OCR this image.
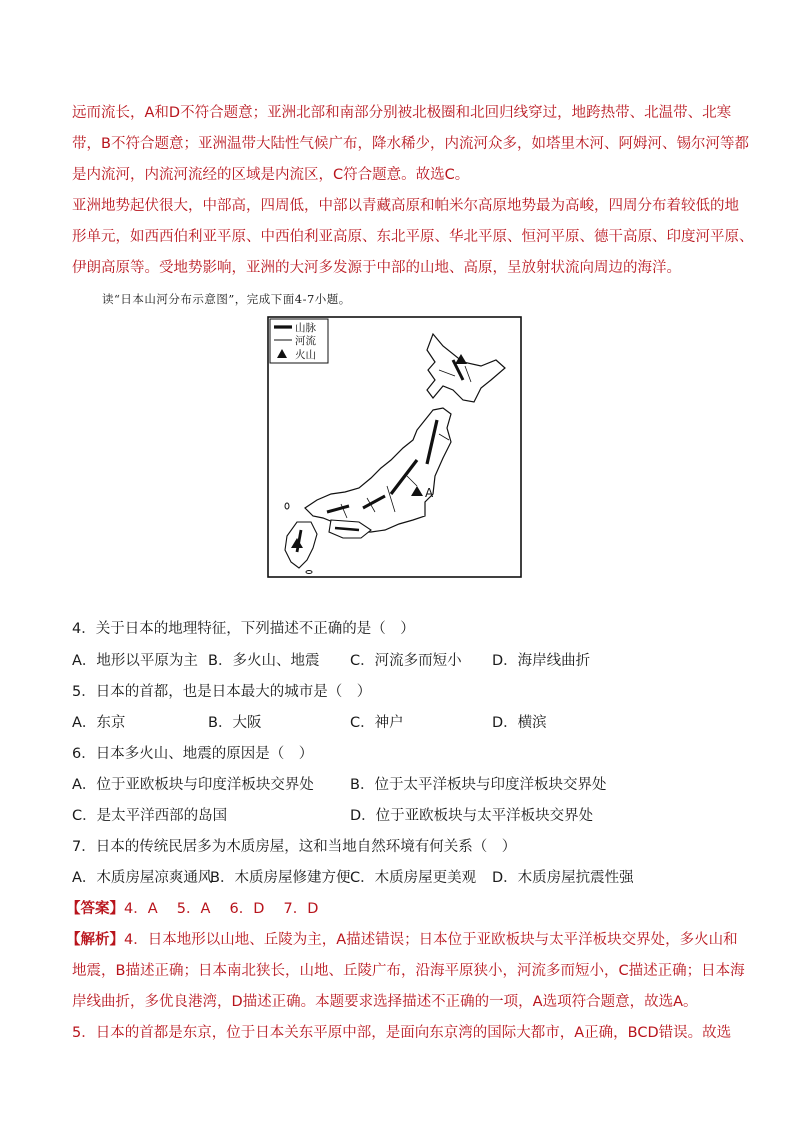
远而流长，A和D不符合题意；亚洲北部和南部分别被北极圈和北回归线穿过，地跨热带、北温带、北寒
带，B不符合题意；亚洲温带大陆性气候广布，降水稀少，内流河众多，如塔里木河、阿姆河、锡尔河等都
是内流河，内流河流经的区域是内流区，C符合题意。故选C。
亚洲地势起伏很大，中部高，四周低，中部以青藏高原和帕米尔高原地势最为高峻，四周分布着较低的地
形单元，如西西伯利亚平原、中西伯利亚高原、东北平原、华北平原、恒河平原、德干高原、印度河平原、
伊朗高原等。受地势影响，亚洲的大河多发源于中部的山地、高原，呈放射状流向周边的海洋。
读“日本山河分布示意图”，完成下面4-7小题。
山脉
河流
火山
A
4．关于日本的地理特征，下列描述不正确的是（　）
A．地形以平原为主 B．多火山、地震 C．河流多而短小 D．海岸线曲折
5．日本的首都，也是日本最大的城市是（　）
A．东京	B．大阪	C．神户	D．横滨
6．日本多火山、地震的原因是（　）
A．位于亚欧板块与印度洋板块交界处 B．位于太平洋板块与印度洋板块交界处
C．是太平洋西部的岛国	D．位于亚欧板块与太平洋板块交界处
7．日本的传统民居多为木质房屋，这和当地自然环境有何关系（　）
A．木质房屋凉爽通风
B．木质房屋修建方便 C．木质房屋更美观 D．木质房屋抗震性强
【答案】4．A　 5．A　 6．D　 7．D
【解析】4．日本地形以山地、丘陵为主，A描述错误；日本位于亚欧板块与太平洋板块交界处，多火山和
地震，B描述正确；日本南北狭长，山地、丘陵广布，沿海平原狭小，河流多而短小，C描述正确；日本海
岸线曲折，多优良港湾，D描述正确。本题要求选择描述不正确的一项，A选项符合题意，故选A。
5．日本的首都是东京，位于日本关东平原中部，是面向东京湾的国际大都市，A正确，BCD错误。故选
